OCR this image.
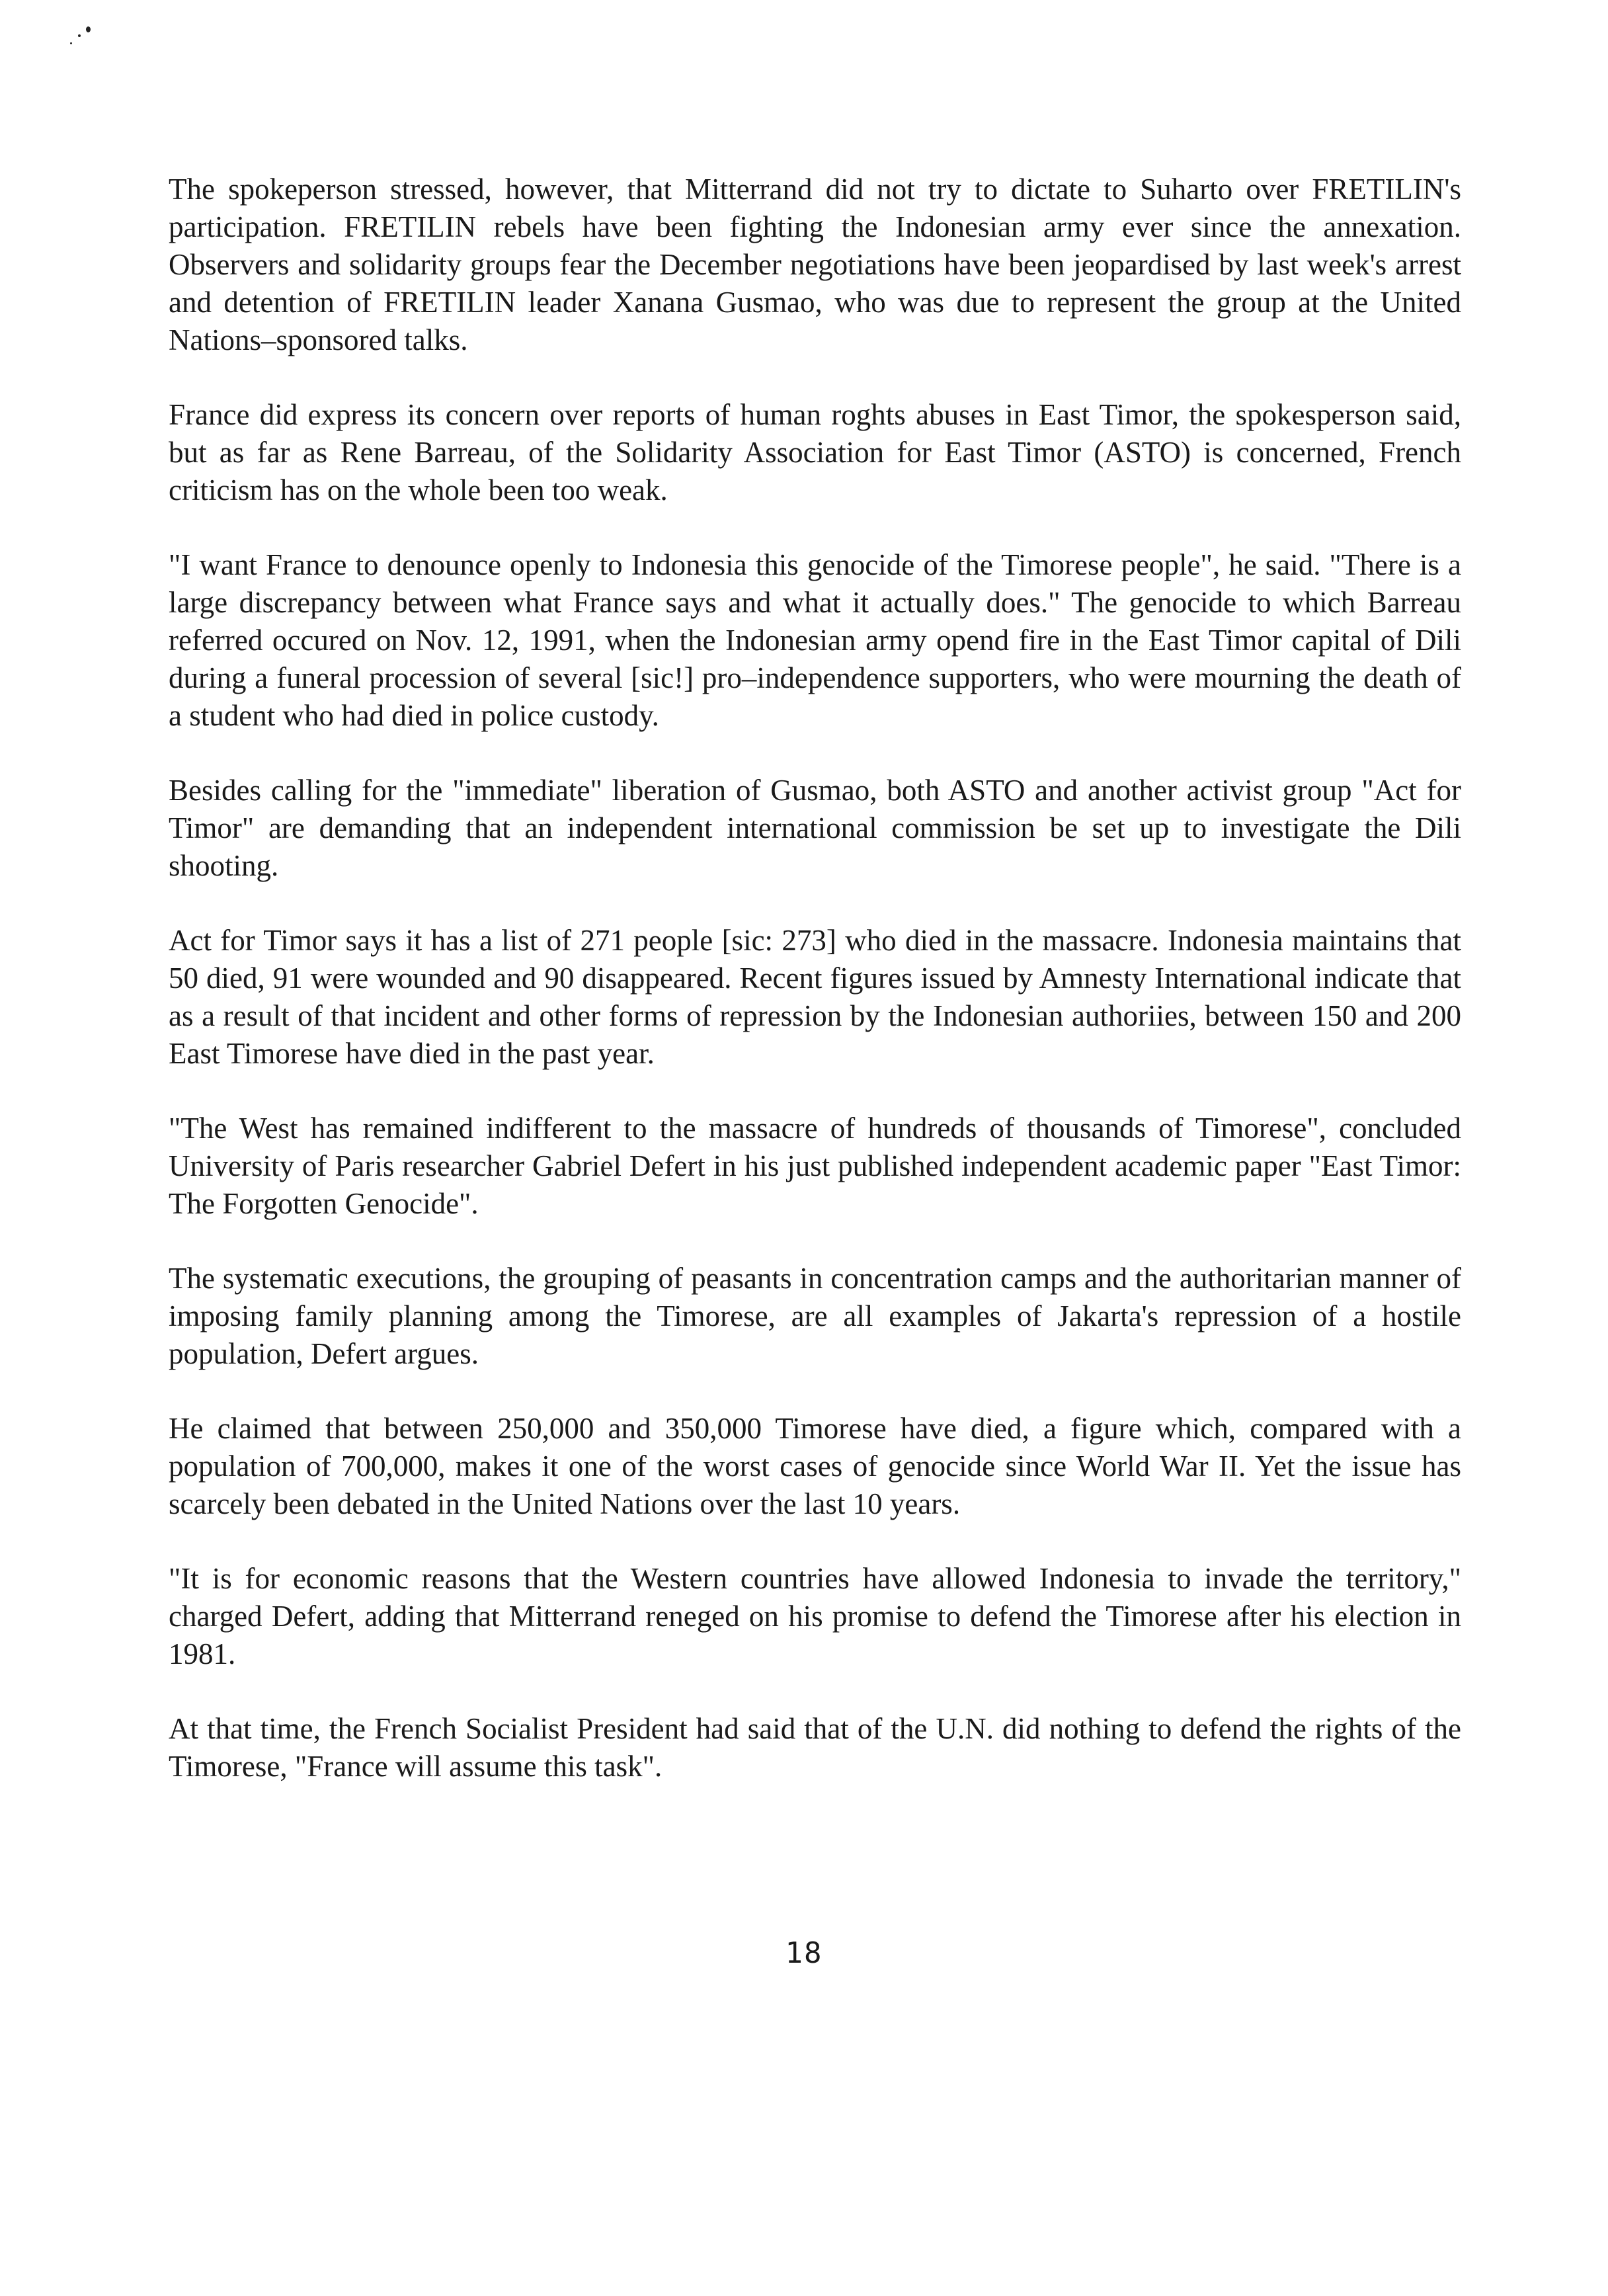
The spokeperson stressed, however, that Mitterrand did not try to dictate to Suharto over FRETILIN's participation. FRETILIN rebels have been fighting the Indonesian army ever since the annexation. Observers and solidarity groups fear the December negotiations have been jeopardised by last week's arrest and detention of FRETILIN leader Xanana Gusmao, who was due to represent the group at the United Nations–sponsored talks.

France did express its concern over reports of human roghts abuses in East Timor, the spokesperson said, but as far as Rene Barreau, of the Solidarity Association for East Timor (ASTO) is concerned, French criticism has on the whole been too weak.

"I want France to denounce openly to Indonesia this genocide of the Timorese people", he said. "There is a large discrepancy between what France says and what it actually does." The genocide to which Barreau referred occured on Nov. 12, 1991, when the Indonesian army opend fire in the East Timor capital of Dili during a funeral procession of several [sic!] pro–independence supporters, who were mourning the death of a student who had died in police custody.

Besides calling for the "immediate" liberation of Gusmao, both ASTO and another activist group "Act for Timor" are demanding that an independent international commission be set up to investigate the Dili shooting.

Act for Timor says it has a list of 271 people [sic: 273] who died in the massacre. Indonesia maintains that 50 died, 91 were wounded and 90 disappeared. Recent figures issued by Amnesty International indicate that as a result of that incident and other forms of repression by the Indonesian authoriies, between 150 and 200 East Timorese have died in the past year.

"The West has remained indifferent to the massacre of hundreds of thousands of Timorese", concluded University of Paris researcher Gabriel Defert in his just published independent academic paper "East Timor: The Forgotten Genocide".

The systematic executions, the grouping of peasants in concentration camps and the authoritarian manner of imposing family planning among the Timorese, are all examples of Jakarta's repression of a hostile population, Defert argues.

He claimed that between 250,000 and 350,000 Timorese have died, a figure which, compared with a population of 700,000, makes it one of the worst cases of genocide since World War II. Yet the issue has scarcely been debated in the United Nations over the last 10 years.

"It is for economic reasons that the Western countries have allowed Indonesia to invade the territory," charged Defert, adding that Mitterrand reneged on his promise to defend the Timorese after his election in 1981.

At that time, the French Socialist President had said that of the U.N. did nothing to defend the rights of the Timorese, "France will assume this task".

18
